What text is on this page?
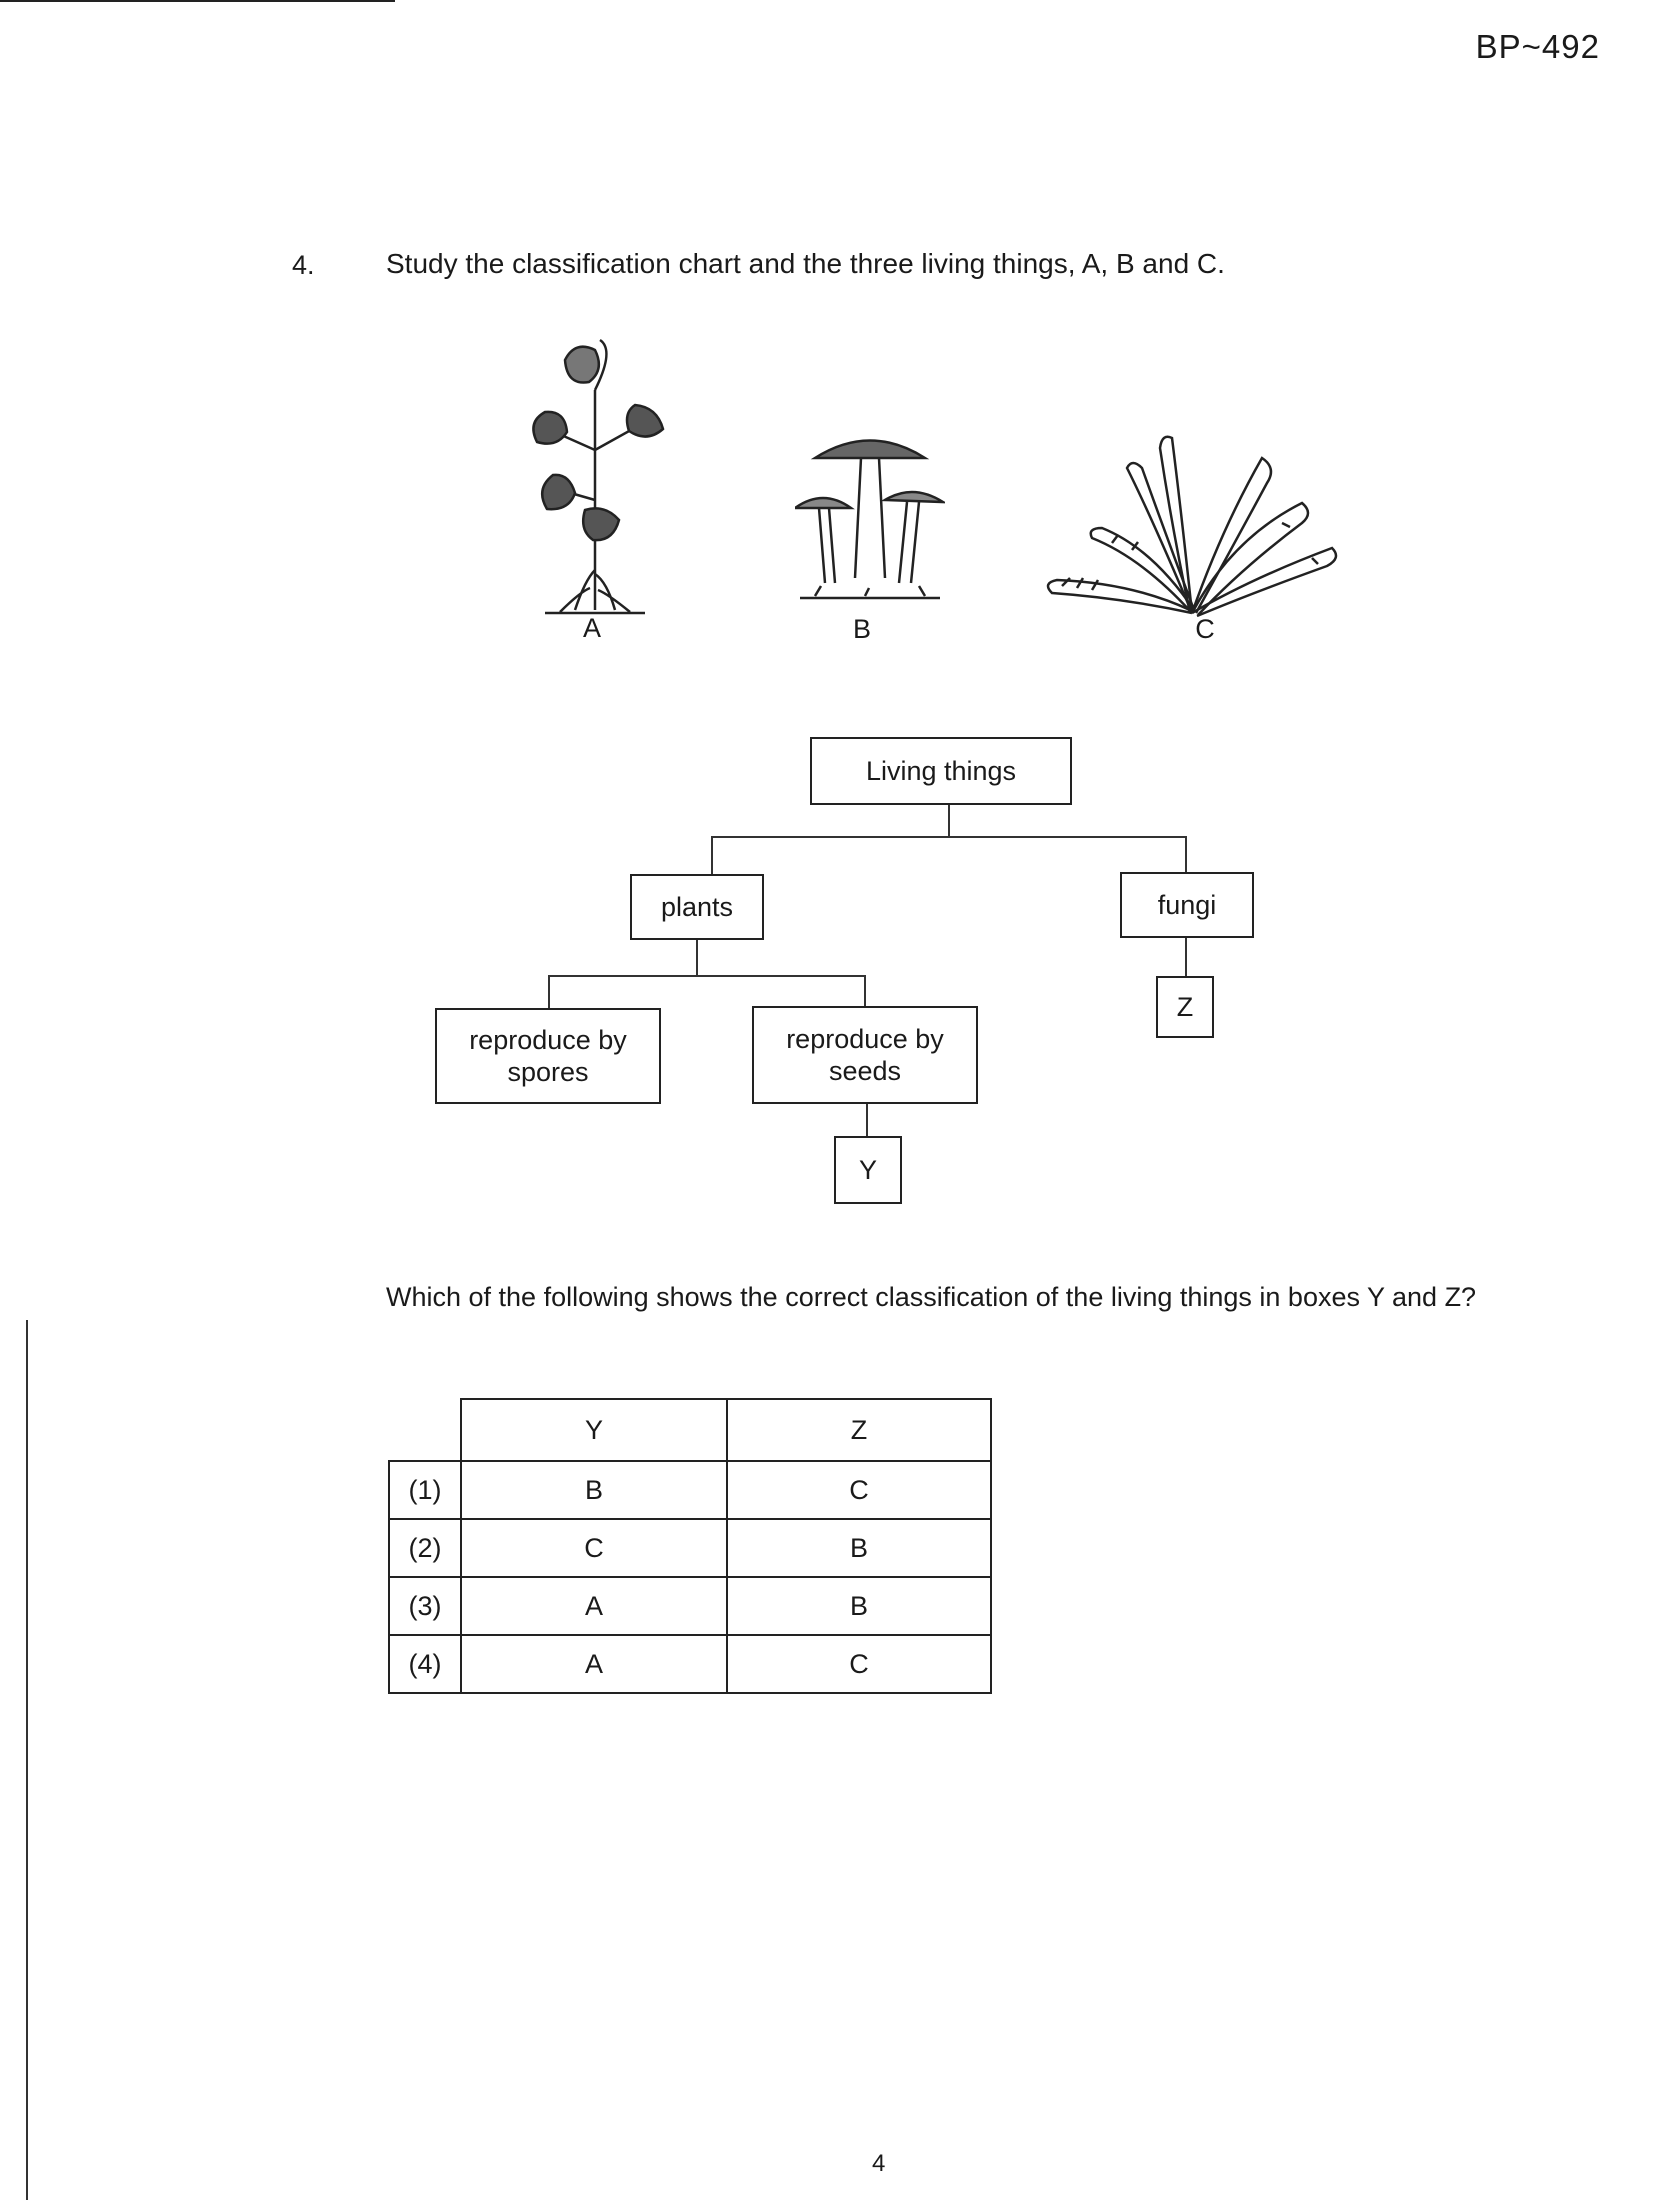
BP~492
4.	Study the classification chart and the three living things, A, B and C.
A	B	C
Living things
plants	fungi
reproduce by spores
reproduce by seeds
Z
Y
Which of the following shows the correct classification of the living things in boxes Y and Z?
	Y	Z
(1)	B	C
(2)	C	B
(3)	A	B
(4)	A	C
4
